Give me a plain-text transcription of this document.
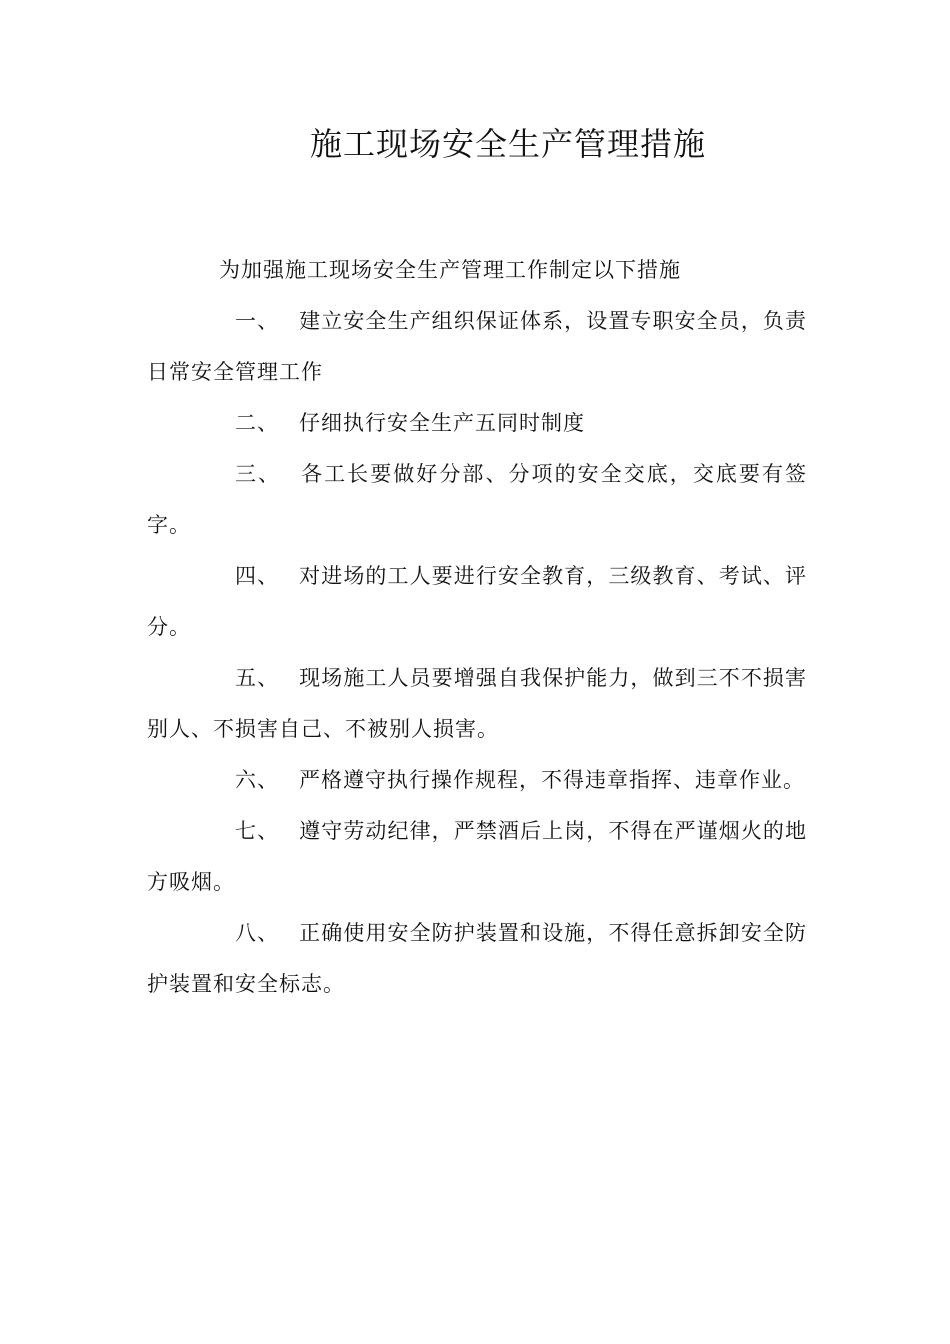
施工现场安全生产管理措施

为加强施工现场安全生产管理工作制定以下措施

一、 建立安全生产组织保证体系，设置专职安全员，负责日常安全管理工作

二、 仔细执行安全生产五同时制度

三、 各工长要做好分部、分项的安全交底，交底要有签字。

四、 对进场的工人要进行安全教育，三级教育、考试、评分。

五、 现场施工人员要增强自我保护能力，做到三不不损害别人、不损害自己、不被别人损害。

六、 严格遵守执行操作规程，不得违章指挥、违章作业。

七、 遵守劳动纪律，严禁酒后上岗，不得在严谨烟火的地方吸烟。

八、 正确使用安全防护装置和设施，不得任意拆卸安全防护装置和安全标志。
